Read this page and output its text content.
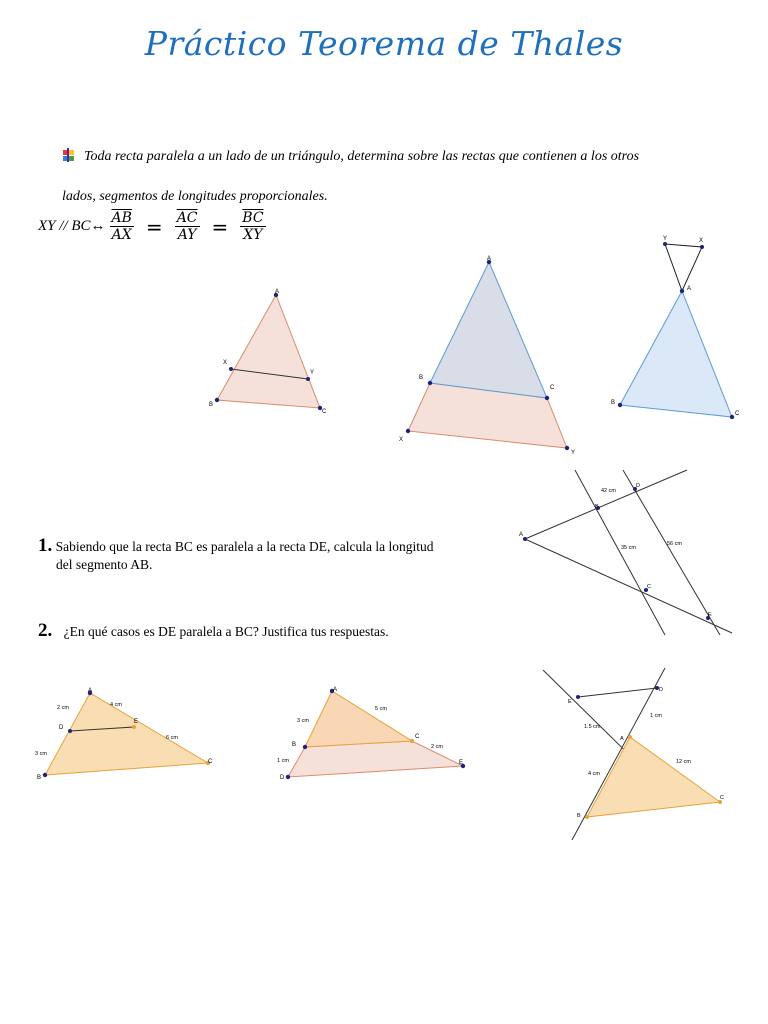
Práctico Teorema de Thales
Toda recta paralela a un lado de un triángulo, determina sobre las rectas que contienen a los otros
lados, segmentos de longitudes proporcionales.
XY // BC↔ $\frac{\overline{AB}}{AX} = \frac{\overline{AC}}{AY} = \frac{\overline{BC}}{XY}$
A
X
Y
B
C
A
B
C
X
Y
Y	X
A
B
C
A
B
D
C
E
42 cm
35 cm
56 cm
1. Sabiendo que la recta BC es paralela a la recta DE, calcula la longitud
del segmento AB.
2. ¿En qué casos es DE paralela a BC? Justifica tus respuestas.
A
B
C
D
E
2 cm
3 cm
4 cm
6 cm
A
B
C
D
E
3 cm
1 cm
5 cm
2 cm
E
D
A
B
C
1.5 cm
1 cm
4 cm
12 cm
